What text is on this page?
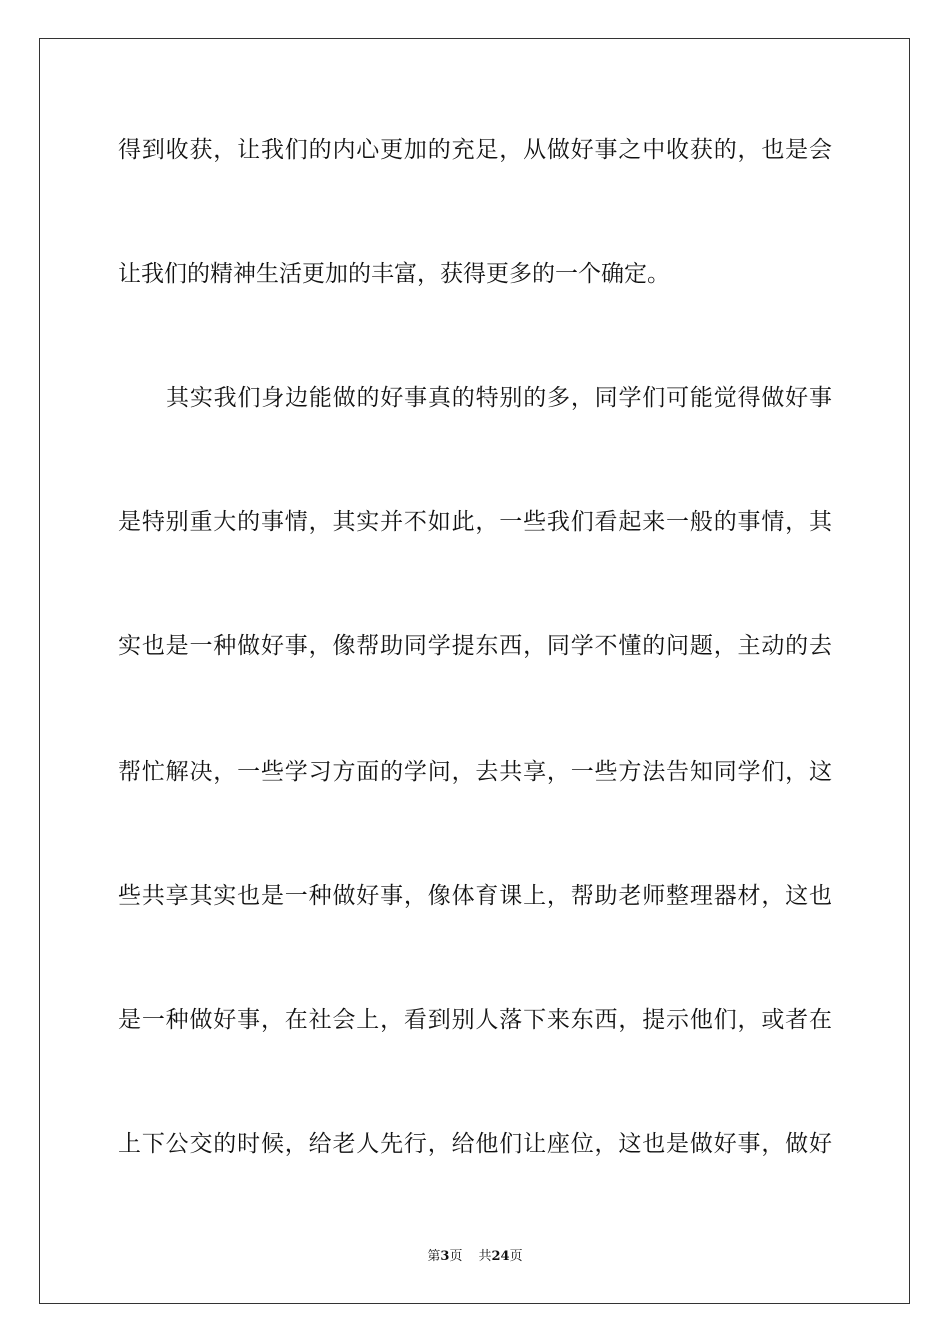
得到收获，让我们的内心更加的充足，从做好事之中收获的，也是会
让我们的精神生活更加的丰富，获得更多的一个确定。
其实我们身边能做的好事真的特别的多，同学们可能觉得做好事
是特别重大的事情，其实并不如此，一些我们看起来一般的事情，其
实也是一种做好事，像帮助同学提东西，同学不懂的问题，主动的去
帮忙解决，一些学习方面的学问，去共享，一些方法告知同学们，这
些共享其实也是一种做好事，像体育课上，帮助老师整理器材，这也
是一种做好事，在社会上，看到别人落下来东西，提示他们，或者在
上下公交的时候，给老人先行，给他们让座位，这也是做好事，做好
第3页 共24页
